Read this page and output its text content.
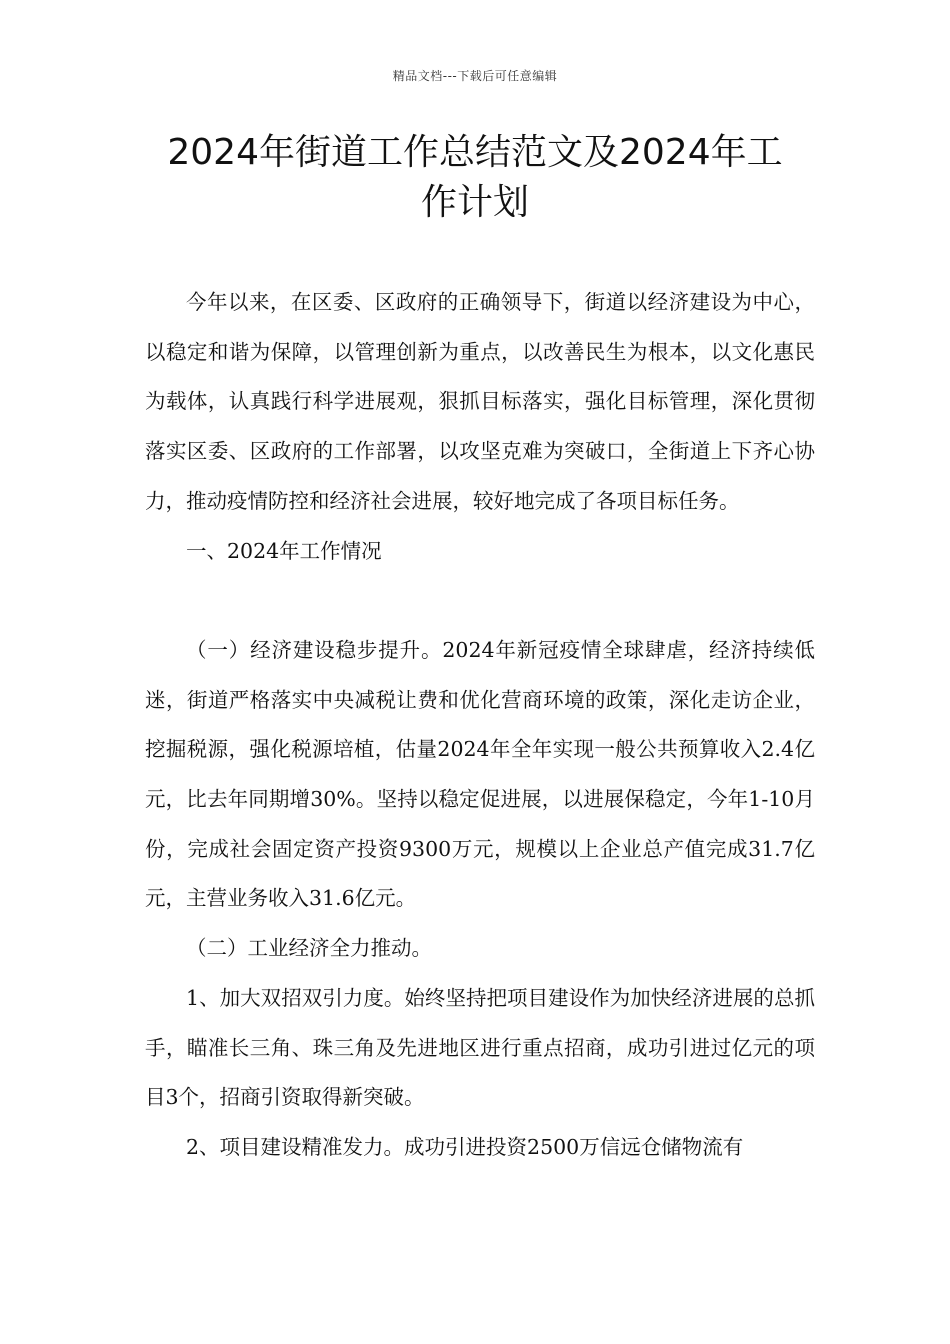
精品文档---下载后可任意编辑
2024年街道工作总结范文及2024年工
作计划

今年以来，在区委、区政府的正确领导下，街道以经济建设为中心，以稳定和谐为保障，以管理创新为重点，以改善民生为根本，以文化惠民为载体，认真践行科学进展观，狠抓目标落实，强化目标管理，深化贯彻落实区委、区政府的工作部署，以攻坚克难为突破口，全街道上下齐心协力，推动疫情防控和经济社会进展，较好地完成了各项目标任务。

一、2024年工作情况

（一）经济建设稳步提升。2024年新冠疫情全球肆虐，经济持续低迷，街道严格落实中央减税让费和优化营商环境的政策，深化走访企业，挖掘税源，强化税源培植，估量2024年全年实现一般公共预算收入2.4亿元，比去年同期增30%。坚持以稳定促进展，以进展保稳定，今年1-10月份，完成社会固定资产投资9300万元，规模以上企业总产值完成31.7亿元，主营业务收入31.6亿元。

（二）工业经济全力推动。

1、加大双招双引力度。始终坚持把项目建设作为加快经济进展的总抓手，瞄准长三角、珠三角及先进地区进行重点招商，成功引进过亿元的项目3个，招商引资取得新突破。

2、项目建设精准发力。成功引进投资2500万信远仓储物流有
